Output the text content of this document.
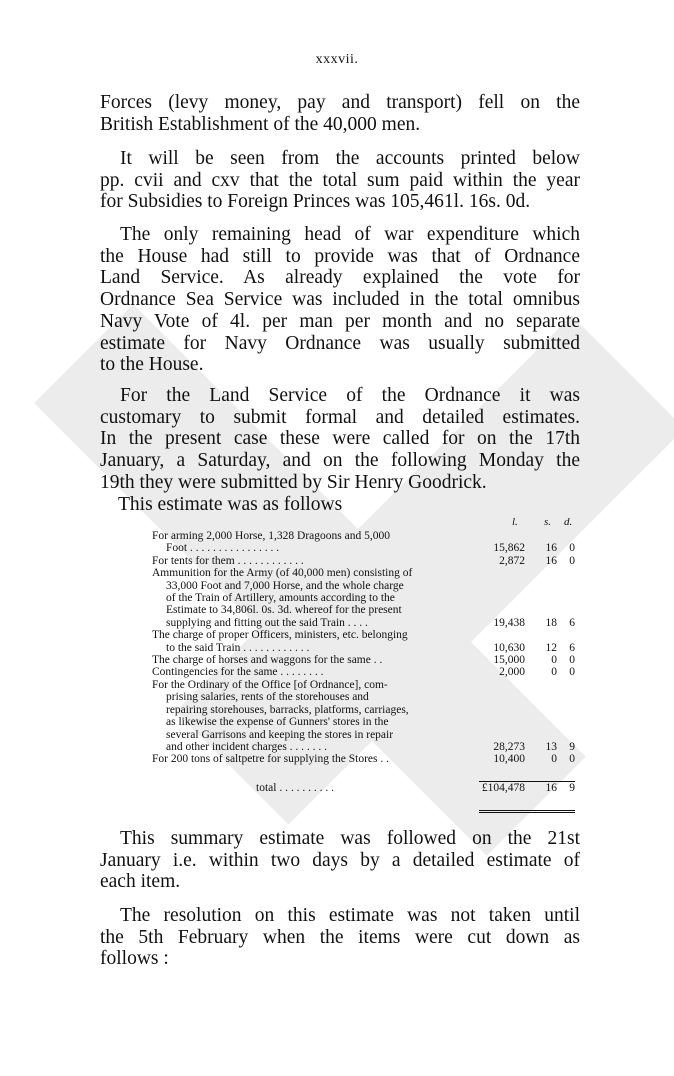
xxxvii.
Forces (levy money, pay and transport) fell on the
British Establishment of the 40,000 men.
It will be seen from the accounts printed below
pp. cvii and cxv that the total sum paid within the year
for Subsidies to Foreign Princes was 105,461l. 16s. 0d.
The only remaining head of war expenditure which
the House had still to provide was that of Ordnance
Land Service. As already explained the vote for
Ordnance Sea Service was included in the total omnibus
Navy Vote of 4l. per man per month and no separate
estimate for Navy Ordnance was usually submitted
to the House.
For the Land Service of the Ordnance it was
customary to submit formal and detailed estimates.
In the present case these were called for on the 17th
January, a Saturday, and on the following Monday the
19th they were submitted by Sir Henry Goodrick.
This estimate was as follows
l. s. d.
For arming 2,000 Horse, 1,328 Dragoons and 5,000
Foot . . . . . . . . . . . . . . . .	15,862 16 0
For tents for them . . . . . . . . . . . .	2,872 16 0
Ammunition for the Army (of 40,000 men) consisting of
33,000 Foot and 7,000 Horse, and the whole charge
of the Train of Artillery, amounts according to the
Estimate to 34,806l. 0s. 3d. whereof for the present
supplying and fitting out the said Train . . . .	19,438 18 6
The charge of proper Officers, ministers, etc. belonging
to the said Train . . . . . . . . . . . .	10,630 12 6
The charge of horses and waggons for the same . .	15,000 0 0
Contingencies for the same . . . . . . . .	2,000 0 0
For the Ordinary of the Office [of Ordnance], com-
prising salaries, rents of the storehouses and
repairing storehouses, barracks, platforms, carriages,
as likewise the expense of Gunners' stores in the
several Garrisons and keeping the stores in repair
and other incident charges . . . . . . .	28,273 13 9
For 200 tons of saltpetre for supplying the Stores . .	10,400 0 0
total . . . . . . . . . .	£104,478 16 9
This summary estimate was followed on the 21st
January i.e. within two days by a detailed estimate of
each item.
The resolution on this estimate was not taken until
the 5th February when the items were cut down as
follows :
